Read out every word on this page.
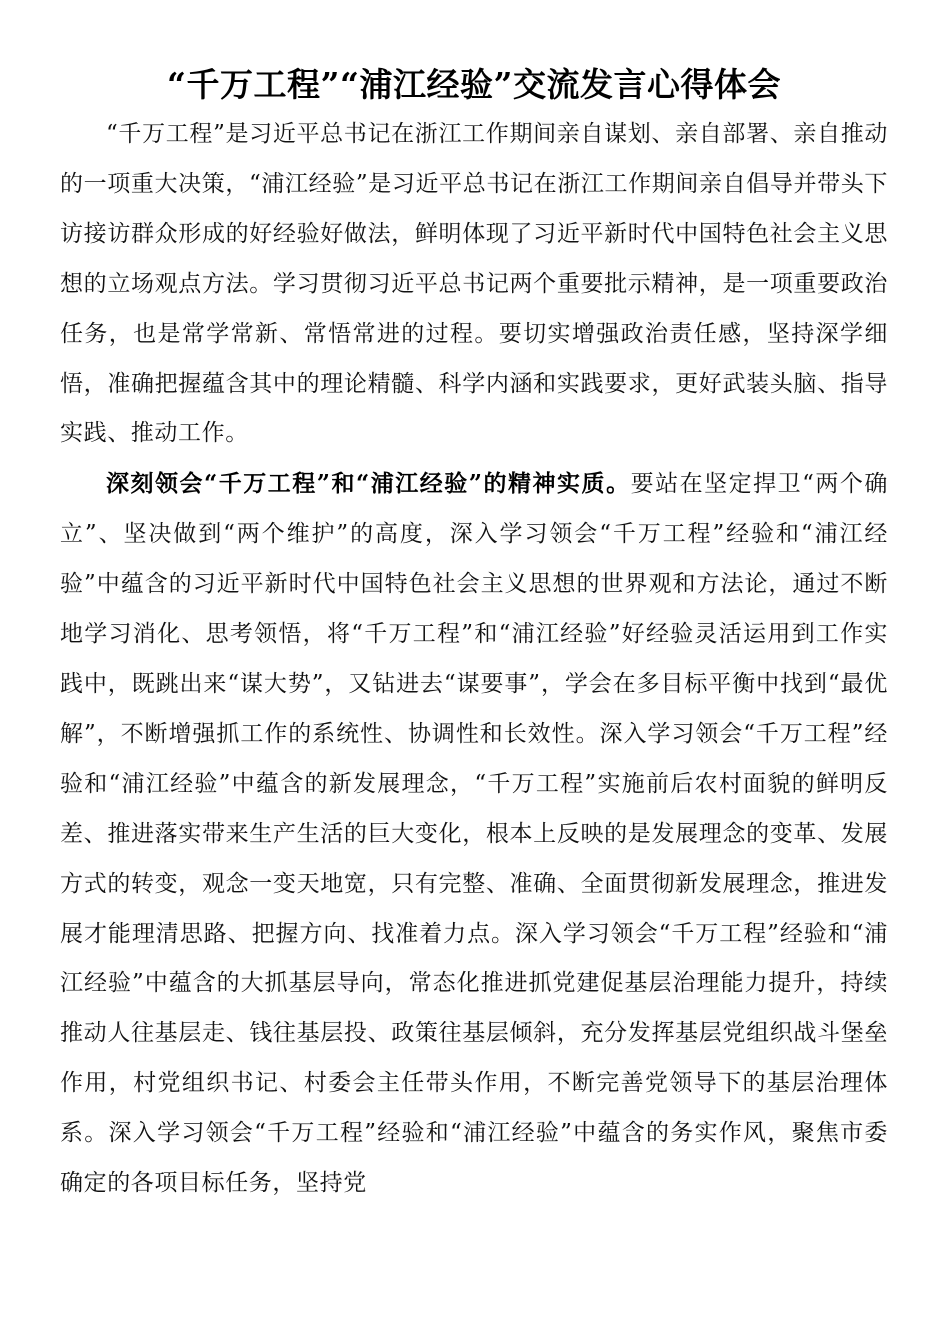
“千万工程”“浦江经验”交流发言心得体会

“千万工程”是习近平总书记在浙江工作期间亲自谋划、亲自部署、亲自推动的一项重大决策，“浦江经验”是习近平总书记在浙江工作期间亲自倡导并带头下访接访群众形成的好经验好做法，鲜明体现了习近平新时代中国特色社会主义思想的立场观点方法。学习贯彻习近平总书记两个重要批示精神，是一项重要政治任务，也是常学常新、常悟常进的过程。要切实增强政治责任感，坚持深学细悟，准确把握蕴含其中的理论精髓、科学内涵和实践要求，更好武装头脑、指导实践、推动工作。

深刻领会“千万工程”和“浦江经验”的精神实质。要站在坚定捍卫“两个确立”、坚决做到“两个维护”的高度，深入学习领会“千万工程”经验和“浦江经验”中蕴含的习近平新时代中国特色社会主义思想的世界观和方法论，通过不断地学习消化、思考领悟，将“千万工程”和“浦江经验”好经验灵活运用到工作实践中，既跳出来“谋大势”，又钻进去“谋要事”，学会在多目标平衡中找到“最优解”，不断增强抓工作的系统性、协调性和长效性。深入学习领会“千万工程”经验和“浦江经验”中蕴含的新发展理念，“千万工程”实施前后农村面貌的鲜明反差、推进落实带来生产生活的巨大变化，根本上反映的是发展理念的变革、发展方式的转变，观念一变天地宽，只有完整、准确、全面贯彻新发展理念，推进发展才能理清思路、把握方向、找准着力点。深入学习领会“千万工程”经验和“浦江经验”中蕴含的大抓基层导向，常态化推进抓党建促基层治理能力提升，持续推动人往基层走、钱往基层投、政策往基层倾斜，充分发挥基层党组织战斗堡垒作用，村党组织书记、村委会主任带头作用，不断完善党领导下的基层治理体系。深入学习领会“千万工程”经验和“浦江经验”中蕴含的务实作风，聚焦市委确定的各项目标任务，坚持党
